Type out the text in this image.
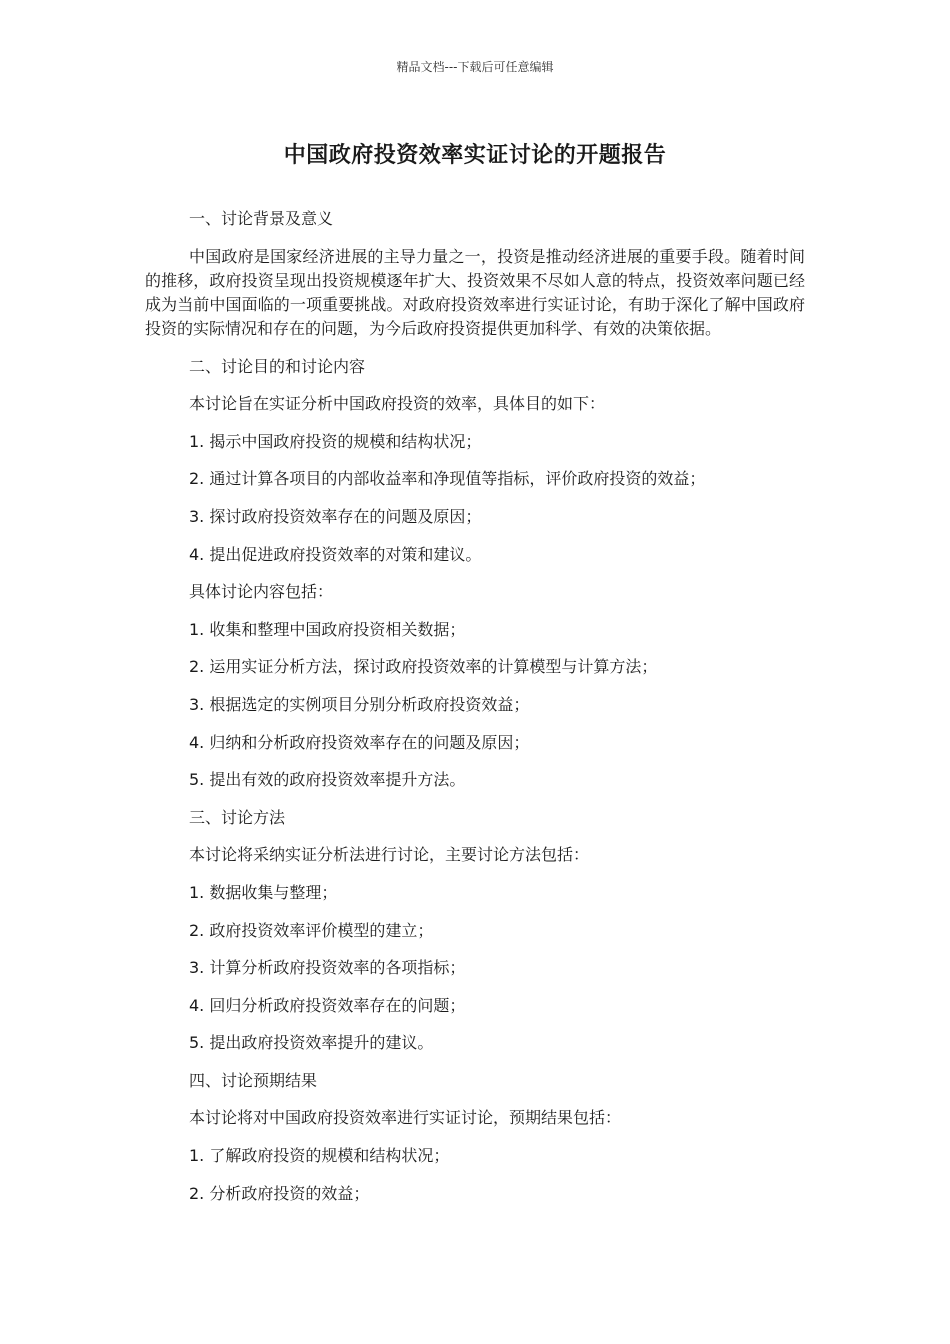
精品文档---下载后可任意编辑
中国政府投资效率实证讨论的开题报告

一、讨论背景及意义

中国政府是国家经济进展的主导力量之一，投资是推动经济进展的重要手段。随着时间的推移，政府投资呈现出投资规模逐年扩大、投资效果不尽如人意的特点，投资效率问题已经成为当前中国面临的一项重要挑战。对政府投资效率进行实证讨论，有助于深化了解中国政府投资的实际情况和存在的问题，为今后政府投资提供更加科学、有效的决策依据。

二、讨论目的和讨论内容

本讨论旨在实证分析中国政府投资的效率，具体目的如下：

1. 揭示中国政府投资的规模和结构状况；

2. 通过计算各项目的内部收益率和净现值等指标，评价政府投资的效益；

3. 探讨政府投资效率存在的问题及原因；

4. 提出促进政府投资效率的对策和建议。

具体讨论内容包括：

1. 收集和整理中国政府投资相关数据；

2. 运用实证分析方法，探讨政府投资效率的计算模型与计算方法；

3. 根据选定的实例项目分别分析政府投资效益；

4. 归纳和分析政府投资效率存在的问题及原因；

5. 提出有效的政府投资效率提升方法。

三、讨论方法

本讨论将采纳实证分析法进行讨论，主要讨论方法包括：

1. 数据收集与整理；

2. 政府投资效率评价模型的建立；

3. 计算分析政府投资效率的各项指标；

4. 回归分析政府投资效率存在的问题；

5. 提出政府投资效率提升的建议。

四、讨论预期结果

本讨论将对中国政府投资效率进行实证讨论，预期结果包括：

1. 了解政府投资的规模和结构状况；

2. 分析政府投资的效益；
